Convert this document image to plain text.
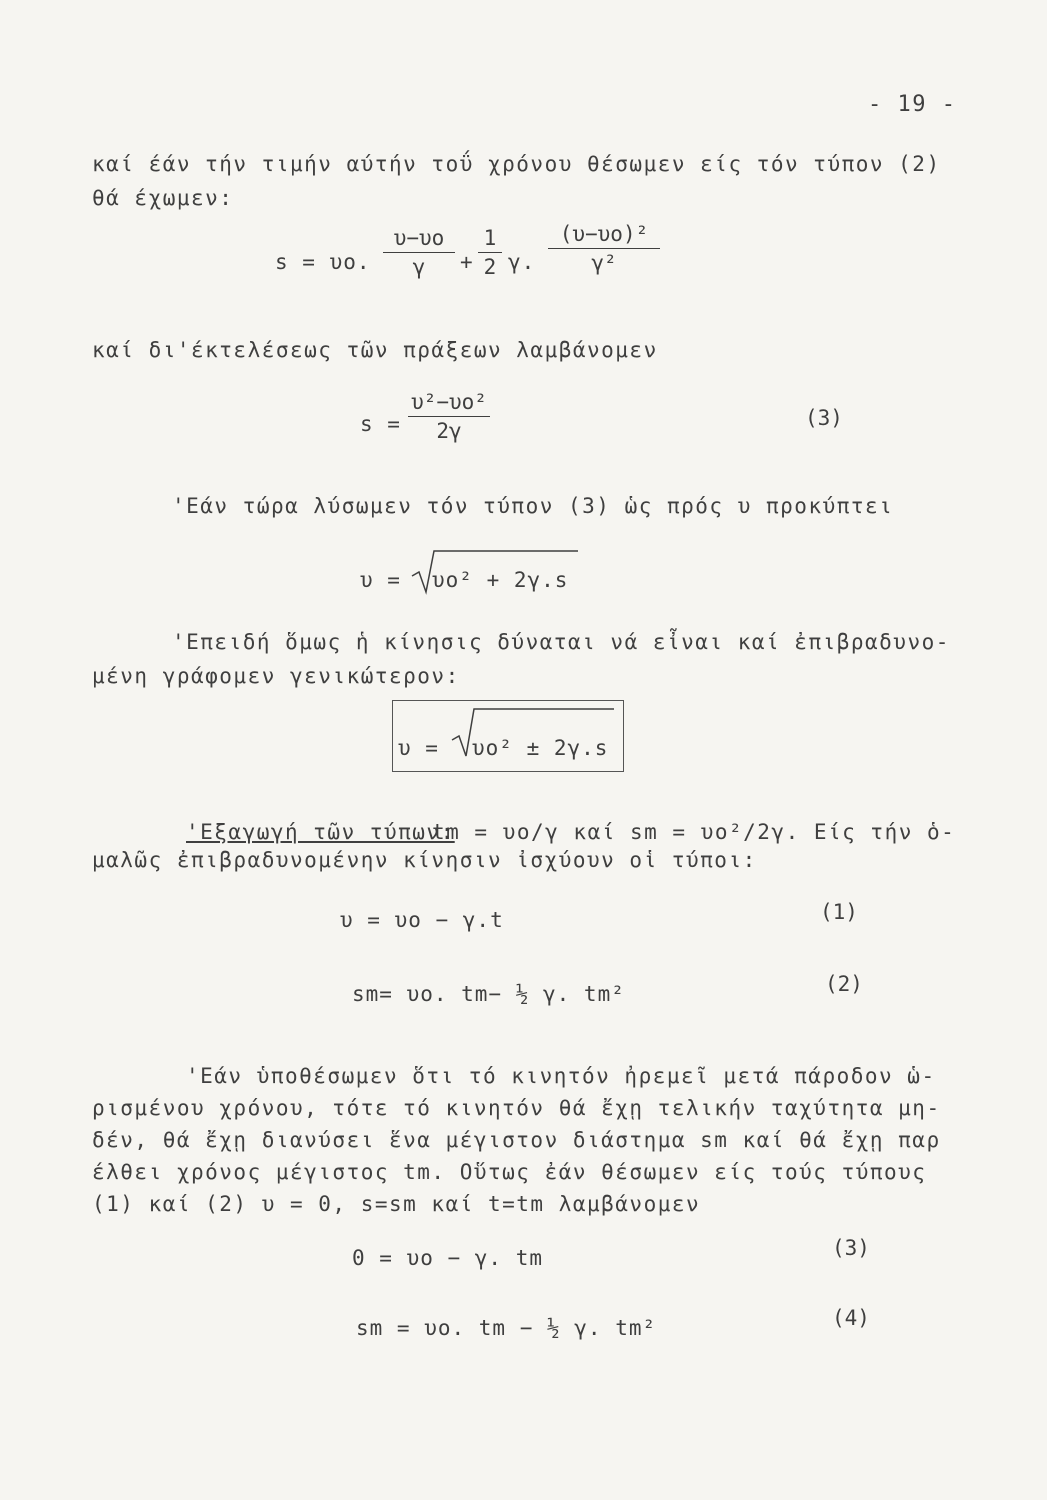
- 19 -
καί έάν τήν τιμήν αύτήν τοΰ χρόνου θέσωμεν είς τόν τύπον (2)
θά έχωμεν:
s = υo.
υ−υo
γ	+
1
2 γ.
(υ−υo)²
γ²
καί δι'έκτελέσεως τῶν πράξεων λαμβάνομεν
s =
υ²−υo²
2γ
(3)
'Εάν τώρα λύσωμεν τόν τύπον (3) ὡς πρός υ προκύπτει
υ = υo² + 2γ.s
'Επειδή ὅμως ἡ κίνησις δύναται νά εἶναι καί ἐπιβραδυνο-
μένη γράφομεν γενικώτερον:
υ = υo² ± 2γ.s
'Εξαγωγή τῶν τύπων:
tm = υo/γ καί sm = υo²/2γ. Είς τήν ὁ-
μαλῶς ἐπιβραδυνομένην κίνησιν ἰσχύουν οἱ τύποι:
υ = υo − γ.t	(1)
sm= υo. tm− ½ γ. tm²	(2)
'Εάν ὑποθέσωμεν ὅτι τό κινητόν ἠρεμεῖ μετά πάροδον ὡ-
ρισμένου χρόνου, τότε τό κινητόν θά ἔχῃ τελικήν ταχύτητα μη-
δέν, θά ἔχῃ διανύσει ἕνα μέγιστον διάστημα sm καί θά ἔχῃ παρ
έλθει χρόνος μέγιστος tm. Οὕτως ἐάν θέσωμεν είς τούς τύπους
(1) καί (2) υ = 0, s=sm καί t=tm λαμβάνομεν
0 = υo − γ. tm	(3)
sm = υo. tm − ½ γ. tm²	(4)
